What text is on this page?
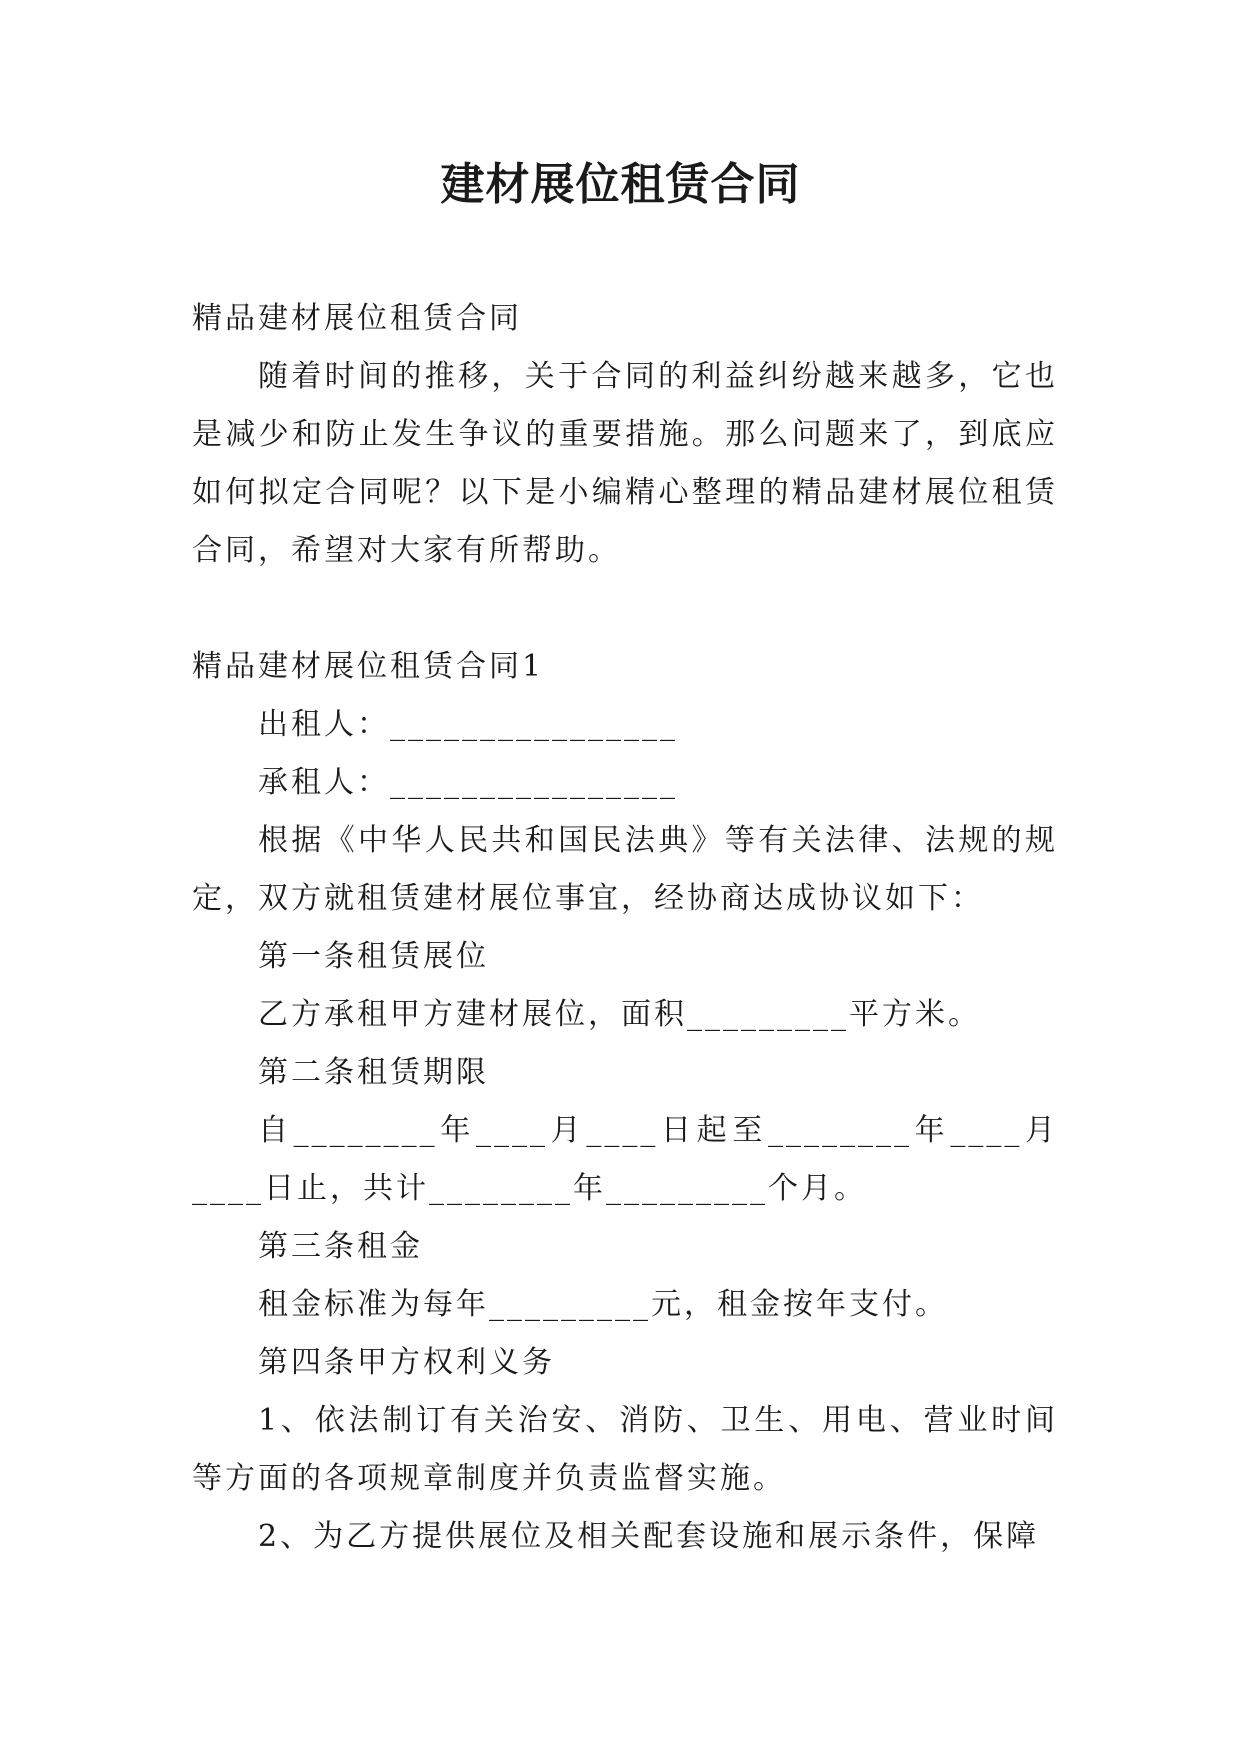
建材展位租赁合同

精品建材展位租赁合同

随着时间的推移，关于合同的利益纠纷越来越多，它也是减少和防止发生争议的重要措施。那么问题来了，到底应如何拟定合同呢？以下是小编精心整理的精品建材展位租赁合同，希望对大家有所帮助。

精品建材展位租赁合同1

出租人：________________

承租人：________________

根据《中华人民共和国民法典》等有关法律、法规的规定，双方就租赁建材展位事宜，经协商达成协议如下：

第一条租赁展位

乙方承租甲方建材展位，面积_________平方米。

第二条租赁期限

自________年____月____日起至________年____月____日止，共计________年_________个月。

第三条租金

租金标准为每年_________元，租金按年支付。

第四条甲方权利义务

1、依法制订有关治安、消防、卫生、用电、营业时间等方面的各项规章制度并负责监督实施。

2、为乙方提供展位及相关配套设施和展示条件，保障
